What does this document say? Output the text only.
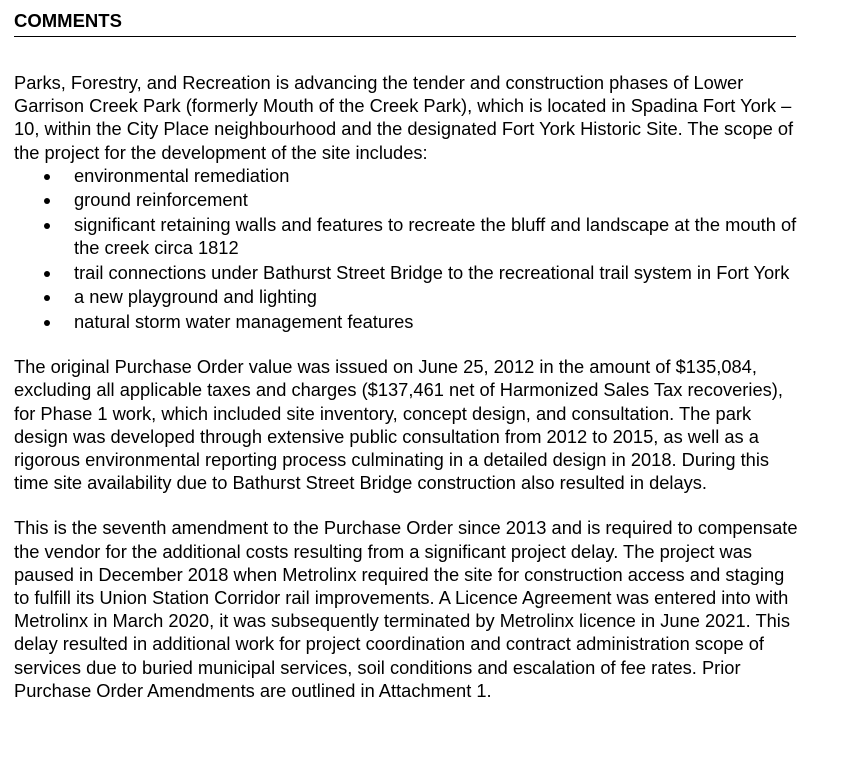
COMMENTS

Parks, Forestry, and Recreation is advancing the tender and construction phases of Lower Garrison Creek Park (formerly Mouth of the Creek Park), which is located in Spadina Fort York – 10, within the City Place neighbourhood and the designated Fort York Historic Site. The scope of the project for the development of the site includes:

environmental remediation
ground reinforcement
significant retaining walls and features to recreate the bluff and landscape at the mouth of the creek circa 1812
trail connections under Bathurst Street Bridge to the recreational trail system in Fort York
a new playground and lighting
natural storm water management features

The original Purchase Order value was issued on June 25, 2012 in the amount of $135,084, excluding all applicable taxes and charges ($137,461 net of Harmonized Sales Tax recoveries), for Phase 1 work, which included site inventory, concept design, and consultation. The park design was developed through extensive public consultation from 2012 to 2015, as well as a rigorous environmental reporting process culminating in a detailed design in 2018. During this time site availability due to Bathurst Street Bridge construction also resulted in delays.

This is the seventh amendment to the Purchase Order since 2013 and is required to compensate the vendor for the additional costs resulting from a significant project delay. The project was paused in December 2018 when Metrolinx required the site for construction access and staging to fulfill its Union Station Corridor rail improvements. A Licence Agreement was entered into with Metrolinx in March 2020, it was subsequently terminated by Metrolinx licence in June 2021. This delay resulted in additional work for project coordination and contract administration scope of services due to buried municipal services, soil conditions and escalation of fee rates. Prior Purchase Order Amendments are outlined in Attachment 1.
